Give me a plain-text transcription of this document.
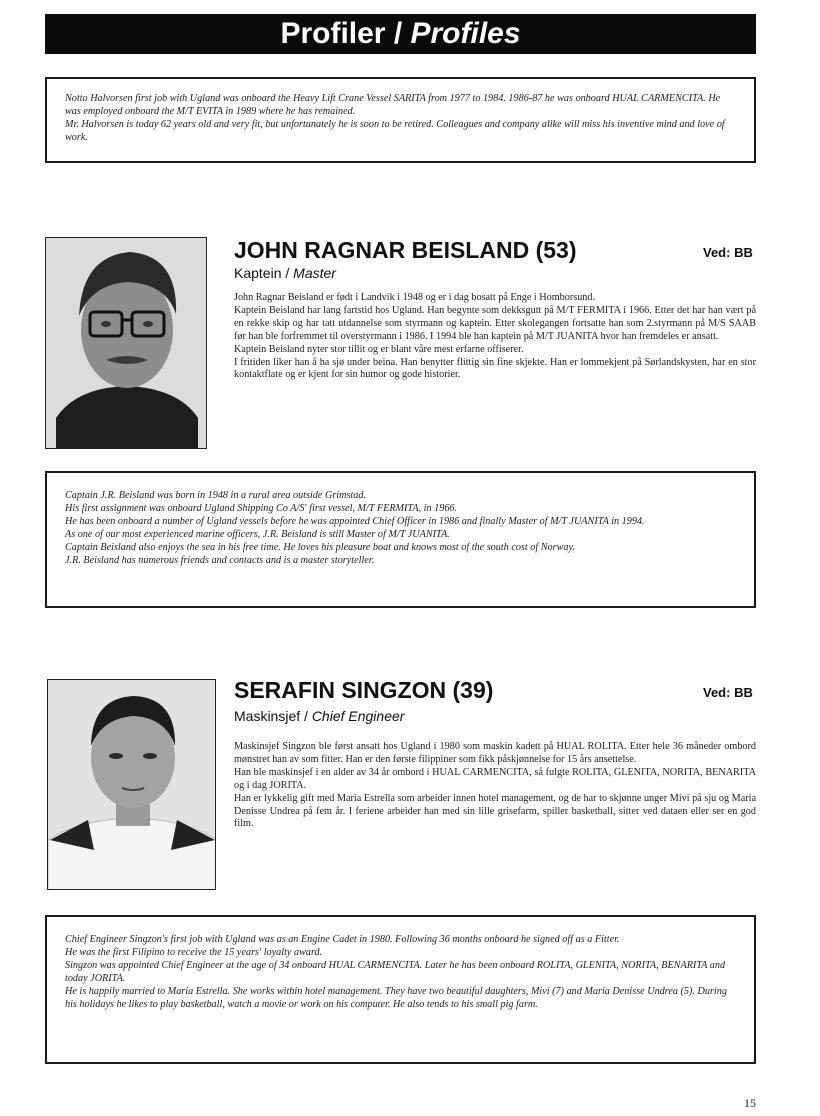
Profiler / Profiles

Notto Halvorsen first job with Ugland was onboard the Heavy Lift Crane Vessel SARITA from 1977 to 1984. 1986-87 he was onboard HUAL CARMENCITA. He was employed onboard the M/T EVITA in 1989 where he has remained.

Mr. Halvorsen is today 62 years old and very fit, but unfortunately he is soon to be retired. Colleagues and company alike will miss his inventive mind and love of work.

JOHN RAGNAR BEISLAND (53)	Ved: BB
Kaptein / Master

John Ragnar Beisland er født i Landvik i 1948 og er i dag bosatt på Enge i Homborsund.

Kaptein Beisland har lang fartstid hos Ugland. Han begynte som dekksgutt på M/T FERMITA i 1966. Etter det har han vært på en rekke skip og har tatt utdannelse som styrmann og kaptein. Etter skolegangen fortsatte han som 2.styrmann på M/S SAAB før han ble forfremmet til overstyrmann i 1986. I 1994 ble han kaptein på M/T JUANITA hvor han fremdeles er ansatt.

Kaptein Beisland nyter stor tillit og er blant våre mest erfarne offiserer.

I fritiden liker han å ha sjø under beina. Han benytter flittig sin fine skjekte. Han er lommekjent på Sørlandskysten, har en stor kontaktflate og er kjent for sin humor og gode historier.

Captain J.R. Beisland was born in 1948 in a rural area outside Grimstad.

His first assignment was onboard Ugland Shipping Co A/S' first vessel, M/T FERMITA, in 1966.

He has been onboard a number of Ugland vessels before he was appointed Chief Officer in 1986 and finally Master of M/T JUANITA in 1994.

As one of our most experienced marine officers, J.R. Beisland is still Master of M/T JUANITA.

Captain Beisland also enjoys the sea in his free time. He loves his pleasure boat and knows most of the south cost of Norway.

J.R. Beisland has numerous friends and contacts and is a master storyteller.

SERAFIN SINGZON (39)	Ved: BB
Maskinsjef / Chief Engineer

Maskinsjef Singzon ble først ansatt hos Ugland i 1980 som maskin kadett på HUAL ROLITA. Etter hele 36 måneder ombord mønstret han av som fitter. Han er den første filippiner som fikk påskjønnelse for 15 års ansettelse.

Han ble maskinsjef i en alder av 34 år ombord i HUAL CARMENCITA, så fulgte ROLITA, GLENITA, NORITA, BENARITA og i dag JORITA.

Han er lykkelig gift med Maria Estrella som arbeider innen hotel management, og de har to skjønne unger Mivi på sju og Maria Denisse Undrea på fem år. I feriene arbeider han med sin lille grisefarm, spiller basketball, sitter ved dataen eller ser en god film.

Chief Engineer Singzon's first job with Ugland was as an Engine Cadet in 1980. Following 36 months onboard he signed off as a Fitter.

He was the first Filipino to receive the 15 years' loyalty award.

Singzon was appointed Chief Engineer at the age of 34 onboard HUAL CARMENCITA. Later he has been onboard ROLITA, GLENITA, NORITA, BENARITA and today JORITA.

He is happily married to Maria Estrella. She works within hotel management. They have two beautiful daughters, Mivi (7) and Maria Denisse Undrea (5). During his holidays he likes to play basketball, watch a movie or work on his computer. He also tends to his small pig farm.

15
